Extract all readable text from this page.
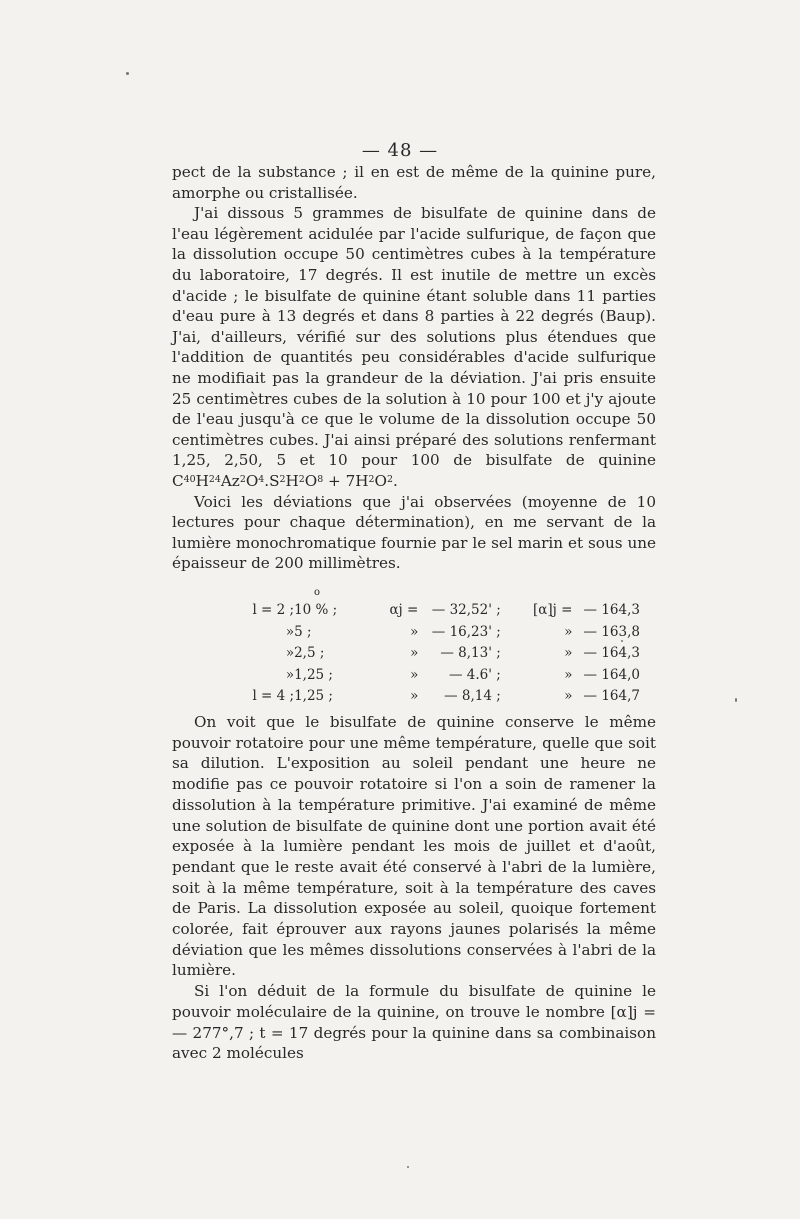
— 48 —

pect de la substance ; il en est de même de la quinine pure, amorphe ou cristallisée.

J'ai dissous 5 grammes de bisulfate de quinine dans de l'eau légèrement acidulée par l'acide sulfurique, de façon que la dissolution occupe 50 centimètres cubes à la température du laboratoire, 17 degrés. Il est inutile de mettre un excès d'acide ; le bisulfate de quinine étant soluble dans 11 parties d'eau pure à 13 degrés et dans 8 parties à 22 degrés (Baup). J'ai, d'ailleurs, vérifié sur des solutions plus étendues que l'addition de quantités peu considérables d'acide sulfurique ne modifiait pas la grandeur de la déviation. J'ai pris ensuite 25 centimètres cubes de la solution à 10 pour 100 et j'y ajoute de l'eau jusqu'à ce que le volume de la dissolution occupe 50 centimètres cubes. J'ai ainsi préparé des solutions renfermant 1,25, 2,50, 5 et 10 pour 100 de bisulfate de quinine $C^{40}H^{24}Az^2O^4.S^2H^2O^8 + 7H^2O^2$.

Voici les déviations que j'ai observées (moyenne de 10 lectures pour chaque détermination), en me servant de la lumière monochromatique fournie par le sel marin et sous une épaisseur de 200 millimètres.

o
l = 2 ;	10 % ;	αj =	— 32,52' ;	[α]j =	— 164,3
»	5 ;	»	— 16,23' ;	»	— 163,8
»	2,5 ;	»	— 8,13' ;	»	— 164,3
»	1,25 ;	»	— 4.6' ;	»	— 164,0
l = 4 ;	1,25 ;	»	— 8,14 ;	»	— 164,7

On voit que le bisulfate de quinine conserve le même pouvoir rotatoire pour une même température, quelle que soit sa dilution. L'exposition au soleil pendant une heure ne modifie pas ce pouvoir rotatoire si l'on a soin de ramener la dissolution à la température primitive. J'ai examiné de même une solution de bisulfate de quinine dont une portion avait été exposée à la lumière pendant les mois de juillet et d'août, pendant que le reste avait été conservé à l'abri de la lumière, soit à la même température, soit à la température des caves de Paris. La dissolution exposée au soleil, quoique fortement colorée, fait éprouver aux rayons jaunes polarisés la même déviation que les mêmes dissolutions conservées à l'abri de la lumière.

Si l'on déduit de la formule du bisulfate de quinine le pouvoir moléculaire de la quinine, on trouve le nombre [α]j = — 277°,7 ; t = 17 degrés pour la quinine dans sa combinaison avec 2 molécules
